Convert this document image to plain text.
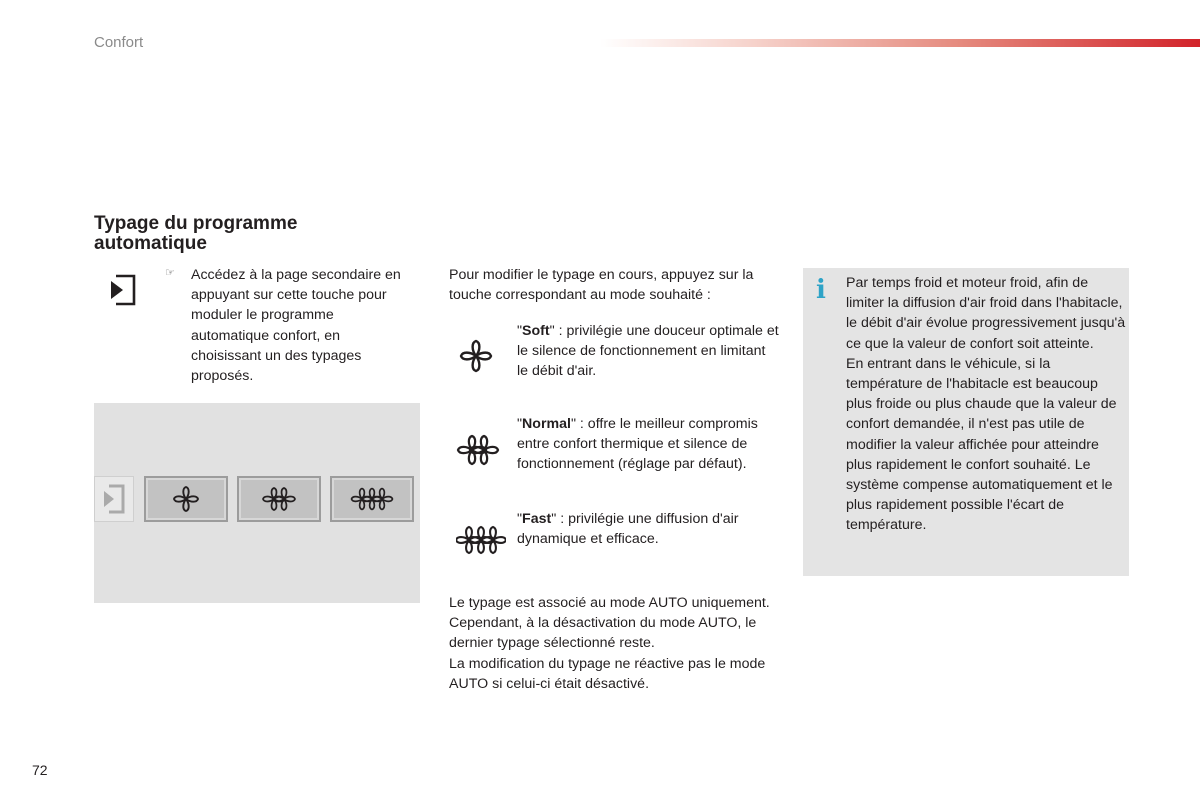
Confort
Typage du programme automatique
☞ Accédez à la page secondaire en appuyant sur cette touche pour moduler le programme automatique confort, en choisissant un des typages proposés.
Pour modifier le typage en cours, appuyez sur la touche correspondant au mode souhaité :
"Soft" : privilégie une douceur optimale et le silence de fonctionnement en limitant le débit d'air.
"Normal" : offre le meilleur compromis entre confort thermique et silence de fonctionnement (réglage par défaut).
"Fast" : privilégie une diffusion d'air dynamique et efficace.
Le typage est associé au mode AUTO uniquement. Cependant, à la désactivation du mode AUTO, le dernier typage sélectionné reste.
La modification du typage ne réactive pas le mode AUTO si celui-ci était désactivé.
i Par temps froid et moteur froid, afin de limiter la diffusion d'air froid dans l'habitacle, le débit d'air évolue progressivement jusqu'à ce que la valeur de confort soit atteinte.
En entrant dans le véhicule, si la température de l'habitacle est beaucoup plus froide ou plus chaude que la valeur de confort demandée, il n'est pas utile de modifier la valeur affichée pour atteindre plus rapidement le confort souhaité. Le système compense automatiquement et le plus rapidement possible l'écart de température.
72
